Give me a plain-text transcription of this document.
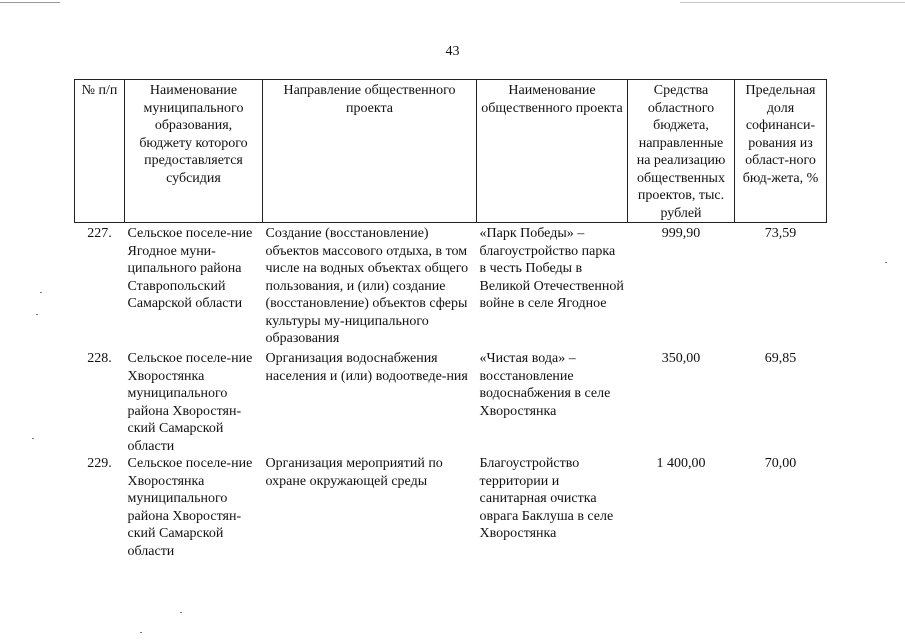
43
№ п/п	Наименование муниципального образования, бюджету которого предоставляется субсидия	Направление общественного проекта	Наименование общественного проекта	Средства областного бюджета, направленные на реализацию общественных проектов, тыс. рублей	Предельная доля софинанси-рования из област-ного бюд-жета, %
227.	Сельское поселе-ние Ягодное муни-ципального района Ставропольский Самарской области	Создание (восстановление) объектов массового отдыха, в том числе на водных объектах общего пользования, и (или) создание (восстановление) объектов сферы культуры му-ниципального образования	«Парк Победы» – благоустройство парка в честь Победы в Великой Отечественной войне в селе Ягодное	999,90	73,59
228.	Сельское поселе-ние Хворостянка муниципального района Хворостян-ский Самарской области	Организация водоснабжения населения и (или) водоотведе-ния	«Чистая вода» – восстановление водоснабжения в селе Хворостянка	350,00	69,85
229.	Сельское поселе-ние Хворостянка муниципального района Хворостян-ский Самарской области	Организация мероприятий по охране окружающей среды	Благоустройство территории и санитарная очистка оврага Баклуша в селе Хворостянка	1 400,00	70,00
